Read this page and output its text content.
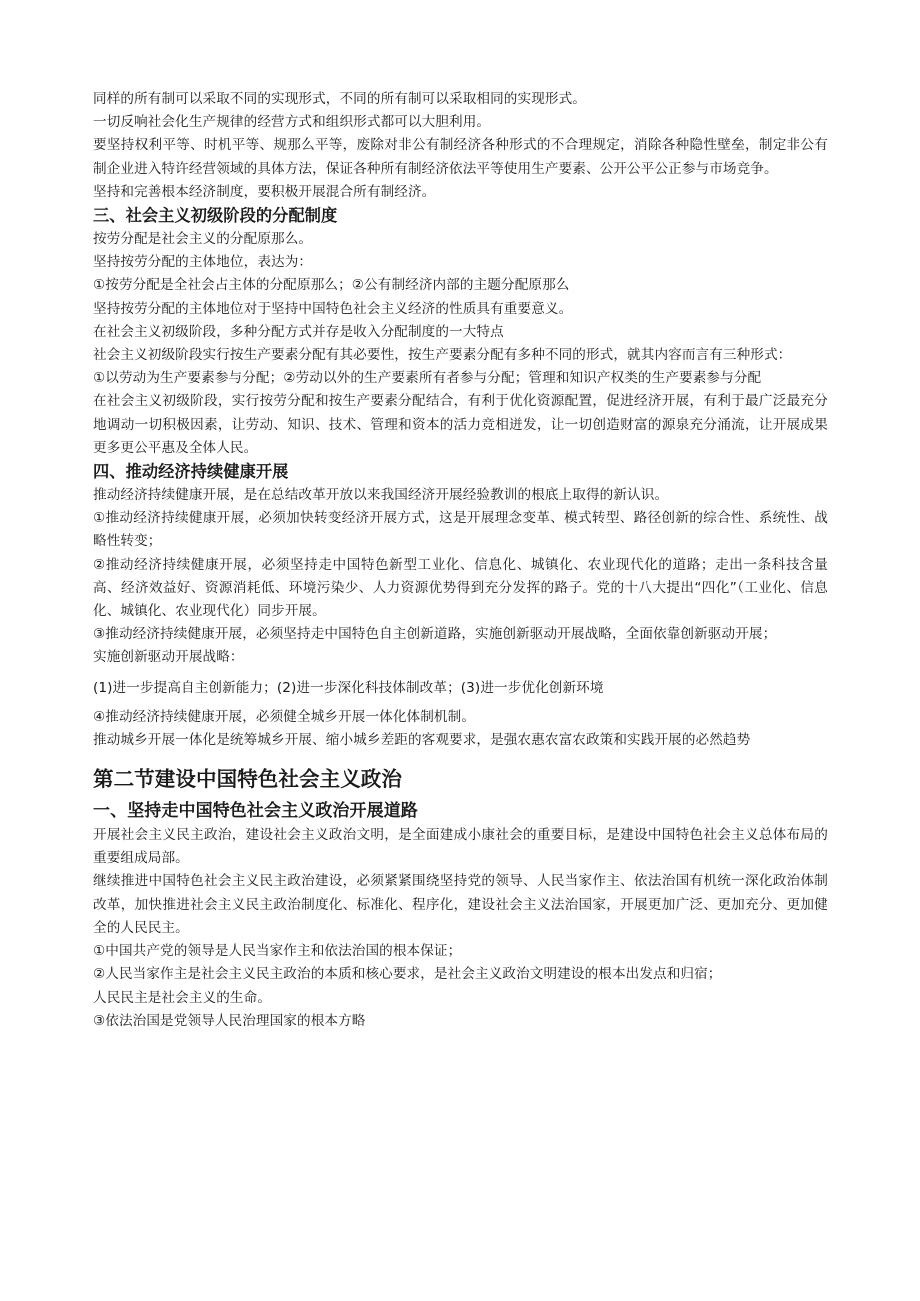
同样的所有制可以采取不同的实现形式，不同的所有制可以采取相同的实现形式。

一切反响社会化生产规律的经营方式和组织形式都可以大胆利用。

要坚持权利平等、时机平等、规那么平等，废除对非公有制经济各种形式的不合理规定，消除各种隐性壁垒，制定非公有制企业进入特许经营领域的具体方法，保证各种所有制经济依法平等使用生产要素、公开公平公正参与市场竞争。

坚持和完善根本经济制度，要积极开展混合所有制经济。

三、社会主义初级阶段的分配制度

按劳分配是社会主义的分配原那么。

坚持按劳分配的主体地位，表达为：

①按劳分配是全社会占主体的分配原那么；②公有制经济内部的主题分配原那么

坚持按劳分配的主体地位对于坚持中国特色社会主义经济的性质具有重要意义。

在社会主义初级阶段，多种分配方式并存是收入分配制度的一大特点

社会主义初级阶段实行按生产要素分配有其必要性，按生产要素分配有多种不同的形式，就其内容而言有三种形式：

①以劳动为生产要素参与分配；②劳动以外的生产要素所有者参与分配；管理和知识产权类的生产要素参与分配

在社会主义初级阶段，实行按劳分配和按生产要素分配结合，有利于优化资源配置，促进经济开展，有利于最广泛最充分地调动一切积极因素，让劳动、知识、技术、管理和资本的活力竞相迸发，让一切创造财富的源泉充分涌流，让开展成果更多更公平惠及全体人民。

四、推动经济持续健康开展

推动经济持续健康开展，是在总结改革开放以来我国经济开展经验教训的根底上取得的新认识。

①推动经济持续健康开展，必须加快转变经济开展方式，这是开展理念变革、模式转型、路径创新的综合性、系统性、战略性转变；

②推动经济持续健康开展，必须坚持走中国特色新型工业化、信息化、城镇化、农业现代化的道路；走出一条科技含量高、经济效益好、资源消耗低、环境污染少、人力资源优势得到充分发挥的路子。党的十八大提出“四化”（工业化、信息化、城镇化、农业现代化）同步开展。

③推动经济持续健康开展，必须坚持走中国特色自主创新道路，实施创新驱动开展战略，全面依靠创新驱动开展；

实施创新驱动开展战略：

(1)进一步提高自主创新能力；(2)进一步深化科技体制改革；(3)进一步优化创新环境

④推动经济持续健康开展，必须健全城乡开展一体化体制机制。

推动城乡开展一体化是统筹城乡开展、缩小城乡差距的客观要求，是强农惠农富农政策和实践开展的必然趋势

第二节建设中国特色社会主义政治
一、坚持走中国特色社会主义政治开展道路

开展社会主义民主政治，建设社会主义政治文明，是全面建成小康社会的重要目标，是建设中国特色社会主义总体布局的重要组成局部。

继续推进中国特色社会主义民主政治建设，必须紧紧围绕坚持党的领导、人民当家作主、依法治国有机统一深化政治体制改革，加快推进社会主义民主政治制度化、标准化、程序化，建设社会主义法治国家，开展更加广泛、更加充分、更加健全的人民民主。

①中国共产党的领导是人民当家作主和依法治国的根本保证；

②人民当家作主是社会主义民主政治的本质和核心要求，是社会主义政治文明建设的根本出发点和归宿；

人民民主是社会主义的生命。

③依法治国是党领导人民治理国家的根本方略
